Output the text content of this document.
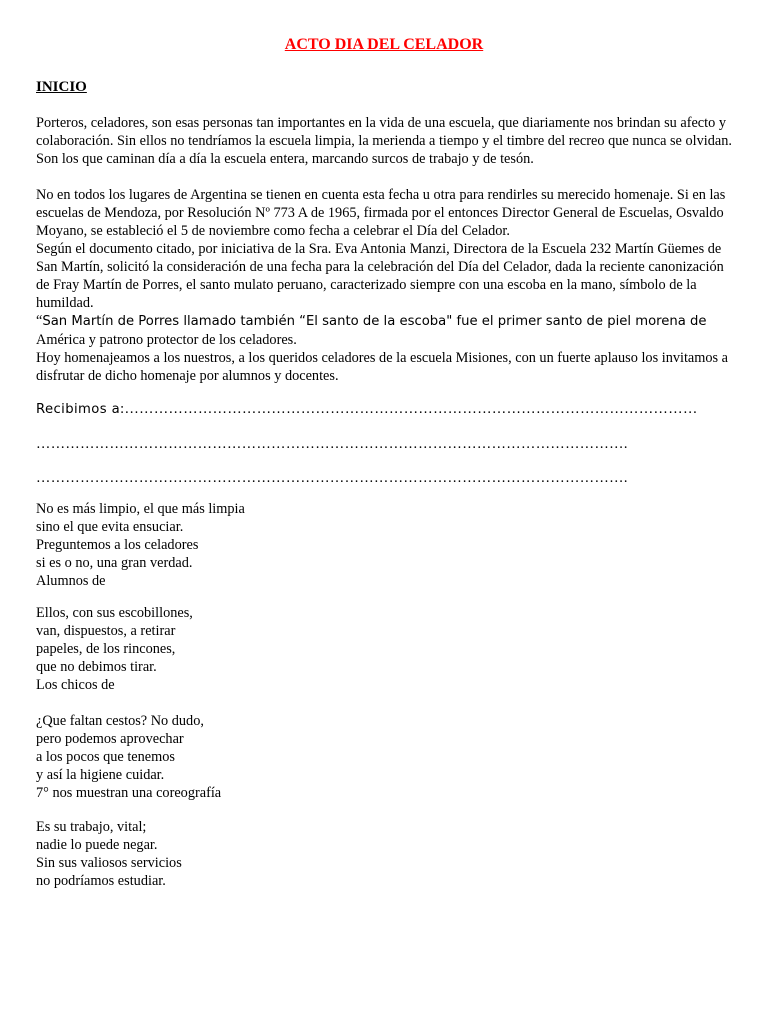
ACTO DIA DEL CELADOR
INICIO

Porteros, celadores, son esas personas tan importantes en la vida de una escuela, que diariamente nos brindan su afecto y colaboración. Sin ellos no tendríamos la escuela limpia, la merienda a tiempo y el timbre del recreo que nunca se olvidan. Son los que caminan día a día la escuela entera, marcando surcos de trabajo y de tesón.

No en todos los lugares de Argentina se tienen en cuenta esta fecha u otra para rendirles su merecido homenaje. Si en las escuelas de Mendoza, por Resolución Nº 773 A de 1965, firmada por el entonces Director General de Escuelas, Osvaldo Moyano, se estableció el 5 de noviembre como fecha a celebrar el Día del Celador.

Según el documento citado, por iniciativa de la Sra. Eva Antonia Manzi, Directora de la Escuela 232 Martín Güemes de San Martín, solicitó la consideración de una fecha para la celebración del Día del Celador, dada la reciente canonización de Fray Martín de Porres, el santo mulato peruano, caracterizado siempre con una escoba en la mano, símbolo de la humildad.

“San Martín de Porres llamado también “El santo de la escoba" fue el primer santo de piel morena de

América y patrono protector de los celadores.

Hoy homenajeamos a los nuestros, a los queridos celadores de la escuela Misiones, con un fuerte aplauso los invitamos a disfrutar de dicho homenaje por alumnos y docentes.

Recibimos a:………………………………………………………………………………………………………

………………………………………………………………………………………………………….

………………………………………………………………………………………………………….

No es más limpio, el que más limpia

sino el que evita ensuciar.

Preguntemos a los celadores

si es o no, una gran verdad.

Alumnos de

Ellos, con sus escobillones,

van, dispuestos, a retirar

papeles, de los rincones,

que no debimos tirar.

Los chicos de

¿Que faltan cestos? No dudo,

pero podemos aprovechar

a los pocos que tenemos

y así la higiene cuidar.

7° nos muestran una coreografía

Es su trabajo, vital;

nadie lo puede negar.

Sin sus valiosos servicios

no podríamos estudiar.
